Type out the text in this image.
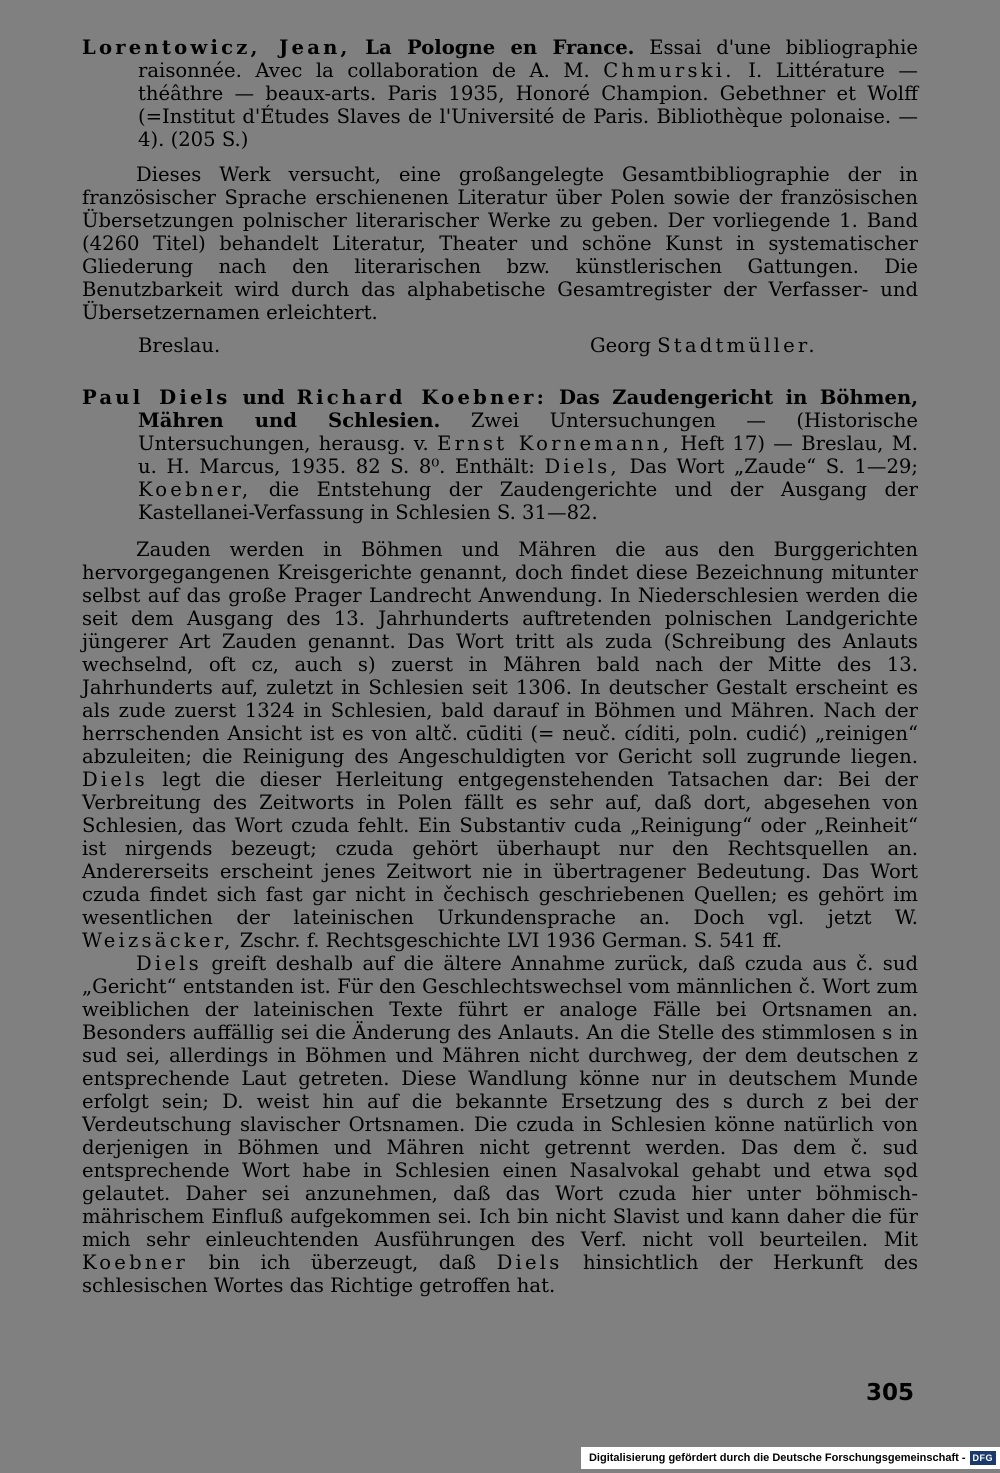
Lorentowicz, Jean, La Pologne en France. Essai d'une bibliographie raisonnée. Avec la collaboration de A. M. Chmurski. I. Littérature — théâthre — beaux-arts. Paris 1935, Honoré Champion. Gebethner et Wolff (=Institut d'Études Slaves de l'Université de Paris. Bibliothèque polonaise. — 4). (205 S.)

Dieses Werk versucht, eine großangelegte Gesamtbibliographie der in französischer Sprache erschienenen Literatur über Polen sowie der französischen Übersetzungen polnischer literarischer Werke zu geben. Der vorliegende 1. Band (4260 Titel) behandelt Literatur, Theater und schöne Kunst in systematischer Gliederung nach den literarischen bzw. künstlerischen Gattungen. Die Benutzbarkeit wird durch das alphabetische Gesamtregister der Verfasser- und Übersetzernamen erleichtert.

Breslau.	Georg Stadtmüller.

Paul Diels und Richard Koebner: Das Zaudengericht in Böhmen, Mähren und Schlesien. Zwei Untersuchungen — (Historische Untersuchungen, herausg. v. Ernst Kornemann, Heft 17) — Breslau, M. u. H. Marcus, 1935. 82 S. 8⁰. Enthält: Diels, Das Wort „Zaude“ S. 1—29; Koebner, die Entstehung der Zaudengerichte und der Ausgang der Kastellanei-Verfassung in Schlesien S. 31—82.

Zauden werden in Böhmen und Mähren die aus den Burggerichten hervorgegangenen Kreisgerichte genannt, doch findet diese Bezeichnung mitunter selbst auf das große Prager Landrecht Anwendung. In Niederschlesien werden die seit dem Ausgang des 13. Jahrhunderts auftretenden polnischen Landgerichte jüngerer Art Zauden genannt. Das Wort tritt als zuda (Schreibung des Anlauts wechselnd, oft cz, auch s) zuerst in Mähren bald nach der Mitte des 13. Jahrhunderts auf, zuletzt in Schlesien seit 1306. In deutscher Gestalt erscheint es als zude zuerst 1324 in Schlesien, bald darauf in Böhmen und Mähren. Nach der herrschenden Ansicht ist es von altč. cūditi (= neuč. cíditi, poln. cudić) „reinigen“ abzuleiten; die Reinigung des Angeschuldigten vor Gericht soll zugrunde liegen. Diels legt die dieser Herleitung entgegenstehenden Tatsachen dar: Bei der Verbreitung des Zeitworts in Polen fällt es sehr auf, daß dort, abgesehen von Schlesien, das Wort czuda fehlt. Ein Substantiv cuda „Reinigung“ oder „Reinheit“ ist nirgends bezeugt; czuda gehört überhaupt nur den Rechtsquellen an. Andererseits erscheint jenes Zeitwort nie in übertragener Bedeutung. Das Wort czuda findet sich fast gar nicht in čechisch geschriebenen Quellen; es gehört im wesentlichen der lateinischen Urkundensprache an. Doch vgl. jetzt W. Weizsäcker, Zschr. f. Rechtsgeschichte LVI 1936 German. S. 541 ff.

Diels greift deshalb auf die ältere Annahme zurück, daß czuda aus č. sud „Gericht“ entstanden ist. Für den Geschlechtswechsel vom männlichen č. Wort zum weiblichen der lateinischen Texte führt er analoge Fälle bei Ortsnamen an. Besonders auffällig sei die Änderung des Anlauts. An die Stelle des stimmlosen s in sud sei, allerdings in Böhmen und Mähren nicht durchweg, der dem deutschen z entsprechende Laut getreten. Diese Wandlung könne nur in deutschem Munde erfolgt sein; D. weist hin auf die bekannte Ersetzung des s durch z bei der Verdeutschung slavischer Ortsnamen. Die czuda in Schlesien könne natürlich von derjenigen in Böhmen und Mähren nicht getrennt werden. Das dem č. sud entsprechende Wort habe in Schlesien einen Nasalvokal gehabt und etwa sǫd gelautet. Daher sei anzunehmen, daß das Wort czuda hier unter böhmisch-mährischem Einfluß aufgekommen sei. Ich bin nicht Slavist und kann daher die für mich sehr einleuchtenden Ausführungen des Verf. nicht voll beurteilen. Mit Koebner bin ich überzeugt, daß Diels hinsichtlich der Herkunft des schlesischen Wortes das Richtige getroffen hat.

305
Digitalisierung gefördert durch die Deutsche Forschungsgemeinschaft - DFG
